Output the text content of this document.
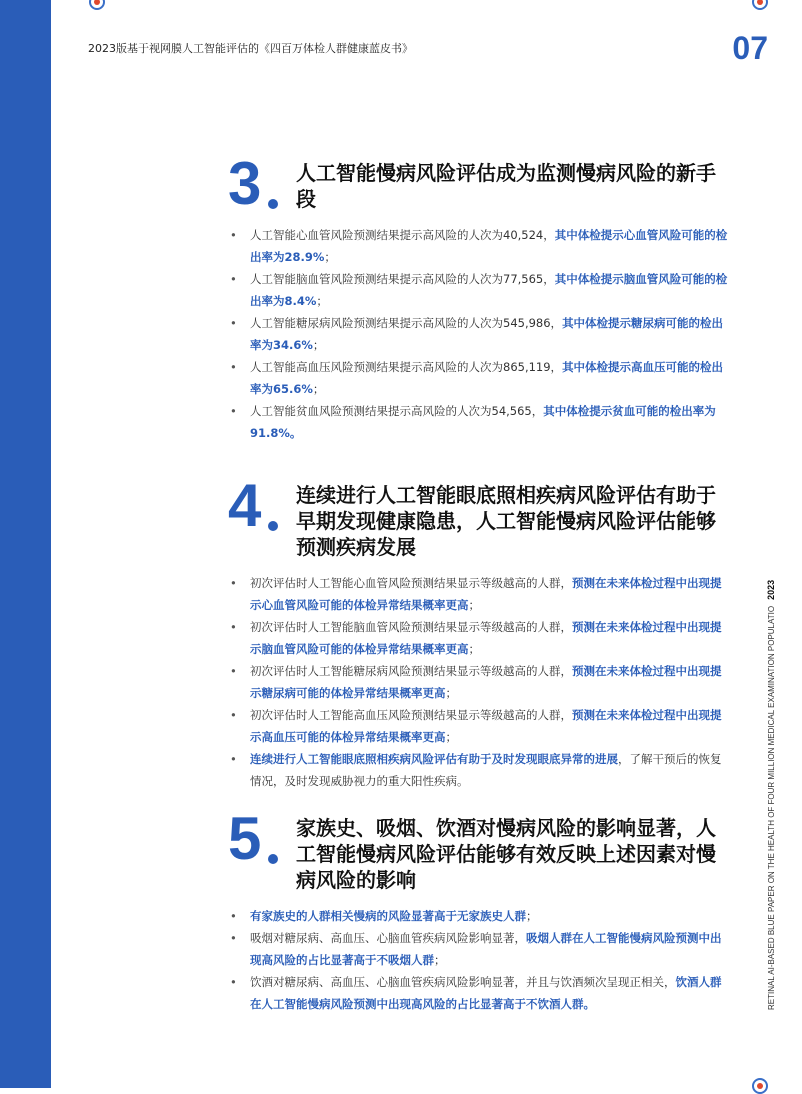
2023版基于视网膜人工智能评估的《四百万体检人群健康蓝皮书》	07
3 人工智能慢病风险评估成为监测慢病风险的新手段
• 人工智能心血管风险预测结果提示高风险的人次为40,524，其中体检提示心血管风险可能的检出率为28.9%；
• 人工智能脑血管风险预测结果提示高风险的人次为77,565，其中体检提示脑血管风险可能的检出率为8.4%；
• 人工智能糖尿病风险预测结果提示高风险的人次为545,986，其中体检提示糖尿病可能的检出率为34.6%；
• 人工智能高血压风险预测结果提示高风险的人次为865,119，其中体检提示高血压可能的检出率为65.6%；
• 人工智能贫血风险预测结果提示高风险的人次为54,565，其中体检提示贫血可能的检出率为91.8%。
4 连续进行人工智能眼底照相疾病风险评估有助于早期发现健康隐患，人工智能慢病风险评估能够预测疾病发展
• 初次评估时人工智能心血管风险预测结果显示等级越高的人群，预测在未来体检过程中出现提示心血管风险可能的体检异常结果概率更高；
• 初次评估时人工智能脑血管风险预测结果显示等级越高的人群，预测在未来体检过程中出现提示脑血管风险可能的体检异常结果概率更高；
• 初次评估时人工智能糖尿病风险预测结果显示等级越高的人群，预测在未来体检过程中出现提示糖尿病可能的体检异常结果概率更高；
• 初次评估时人工智能高血压风险预测结果显示等级越高的人群，预测在未来体检过程中出现提示高血压可能的体检异常结果概率更高；
• 连续进行人工智能眼底照相疾病风险评估有助于及时发现眼底异常的进展，了解干预后的恢复情况，及时发现威胁视力的重大阳性疾病。
5 家族史、吸烟、饮酒对慢病风险的影响显著，人工智能慢病风险评估能够有效反映上述因素对慢病风险的影响
• 有家族史的人群相关慢病的风险显著高于无家族史人群；
• 吸烟对糖尿病、高血压、心脑血管疾病风险影响显著，吸烟人群在人工智能慢病风险预测中出现高风险的占比显著高于不吸烟人群；
• 饮酒对糖尿病、高血压、心脑血管疾病风险影响显著，并且与饮酒频次呈现正相关，饮酒人群在人工智能慢病风险预测中出现高风险的占比显著高于不饮酒人群。	RETINAL AI-BASED BLUE PAPER ON THE HEALTH OF FOUR MILLION MEDICAL EXAMINATION POPULATIO2023
